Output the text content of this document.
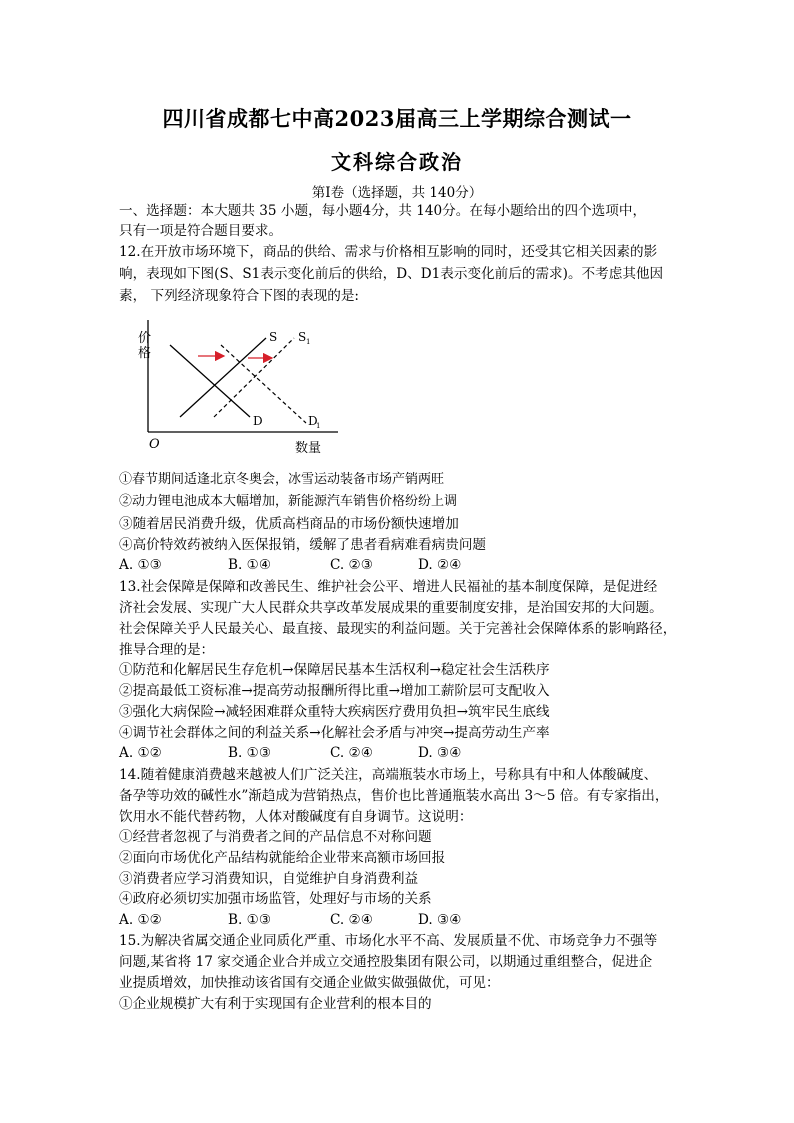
四川省成都七中高2023届高三上学期综合测试一
文科综合政治
第Ⅰ卷（选择题，共 140分）
一、选择题：本大题共 35 小题，每小题4分，共 140分。在每小题给出的四个选项中，
只有一项是符合题目要求。
12.在开放市场环境下，商品的供给、需求与价格相互影响的同时，还受其它相关因素的影
响，表现如下图(S、S1表示变化前后的供给，D、D1表示变化前后的需求)。不考虑其他因
素， 下列经济现象符合下图的表现的是:
S S 1
D	D
1
价
格
O	数量
①春节期间适逢北京冬奥会，冰雪运动装备市场产销两旺
②动力锂电池成本大幅增加，新能源汽车销售价格纷纷上调
③随着居民消费升级，优质高档商品的市场份额快速增加
④高价特效药被纳入医保报销，缓解了患者看病难看病贵问题
A. ①③	B. ①④	C. ②③	D. ②④
13.社会保障是保障和改善民生、维护社会公平、增进人民福祉的基本制度保障，是促进经
济社会发展、实现广大人民群众共享改革发展成果的重要制度安排，是治国安邦的大问题。
社会保障关乎人民最关心、最直接、最现实的利益问题。关于完善社会保障体系的影响路径，
推导合理的是：
①防范和化解居民生存危机→保障居民基本生活权利→稳定社会生活秩序
②提高最低工资标准→提高劳动报酬所得比重→增加工薪阶层可支配收入
③强化大病保险→减轻困难群众重特大疾病医疗费用负担→筑牢民生底线
④调节社会群体之间的利益关系→化解社会矛盾与冲突→提高劳动生产率
A. ①②	B. ①③	C. ②④	D. ③④
14.随着健康消费越来越被人们广泛关注，高端瓶装水市场上，号称具有中和人体酸碱度、
备孕等功效的碱性水”渐趋成为营销热点，售价也比普通瓶装水高出 3～5 倍。有专家指出，
饮用水不能代替药物，人体对酸碱度有自身调节。这说明：
①经营者忽视了与消费者之间的产品信息不对称问题
②面向市场优化产品结构就能给企业带来高额市场回报
③消费者应学习消费知识，自觉维护自身消费利益
④政府必须切实加强市场监管，处理好与市场的关系
A. ①②	B. ①③	C. ②④	D. ③④
15.为解决省属交通企业同质化严重、市场化水平不高、发展质量不优、市场竞争力不强等
问题,某省将 17 家交通企业合并成立交通控股集团有限公司，以期通过重组整合，促进企
业提质增效，加快推动该省国有交通企业做实做强做优，可见：
①企业规模扩大有利于实现国有企业营利的根本目的
